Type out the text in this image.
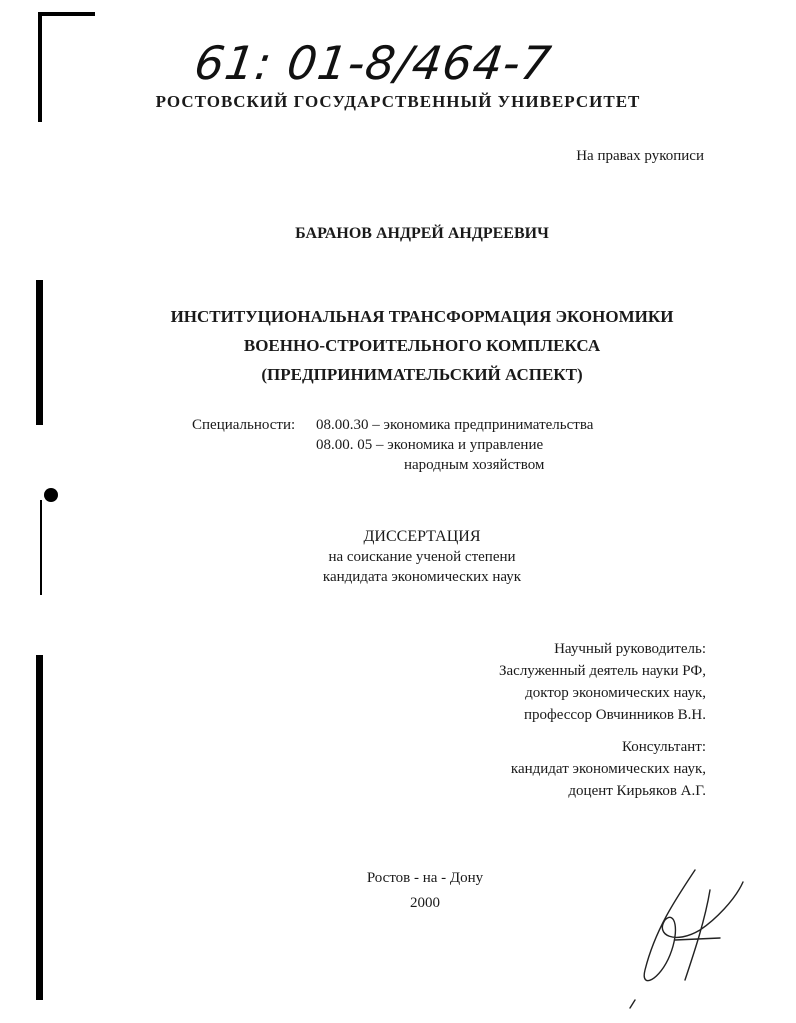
61: 01-8/464-7
РОСТОВСКИЙ ГОСУДАРСТВЕННЫЙ УНИВЕРСИТЕТ
На правах рукописи
БАРАНОВ АНДРЕЙ АНДРЕЕВИЧ
ИНСТИТУЦИОНАЛЬНАЯ ТРАНСФОРМАЦИЯ ЭКОНОМИКИ
ВОЕННО-СТРОИТЕЛЬНОГО КОМПЛЕКСА
(ПРЕДПРИНИМАТЕЛЬСКИЙ АСПЕКТ)
Специальности: 08.00.30 – экономика предпринимательства
08.00. 05 – экономика и управление
народным хозяйством
ДИССЕРТАЦИЯ
на соискание ученой степени
кандидата экономических наук
Научный руководитель:
Заслуженный деятель науки РФ,
доктор экономических наук,
профессор Овчинников В.Н.
Консультант:
кандидат экономических наук,
доцент Кирьяков А.Г.
Ростов - на - Дону
2000
